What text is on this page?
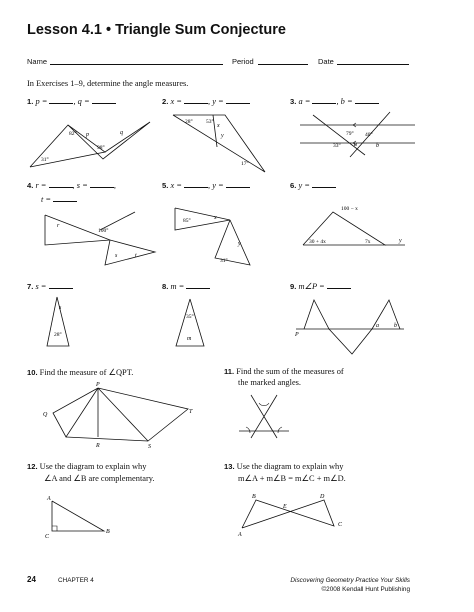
Lesson 4.1 • Triangle Sum Conjecture
Name	Period	Date
In Exercises 1–9, determine the angle measures.
1. p =	, q =	2. x =	, y =	3. a =	, b =
82°
31°
98°
p	q
28° 53°
17°
x
y	79° 40°
33° a	b
4. r =	, s =	,
t =
5. x =	, y =	6. y =
100°
r
s	t
85°
31°
x
y
100 − x
30 + 4x	7x	y
7. s =	8. m =	9. m∠P =
28°
s
35°
m
P
a	b
10. Find the measure of ∠QPT.	11. Find the sum of the measures of
the marked angles.
P
Q
R	S
T
12. Use the diagram to explain why
∠A and ∠B are complementary.
13. Use the diagram to explain why
m∠A + m∠B = m∠C + m∠D.
A
B
C	A
B
C
D
E
24	CHAPTER 4	Discovering Geometry Practice Your Skills
©2008 Kendall Hunt Publishing
